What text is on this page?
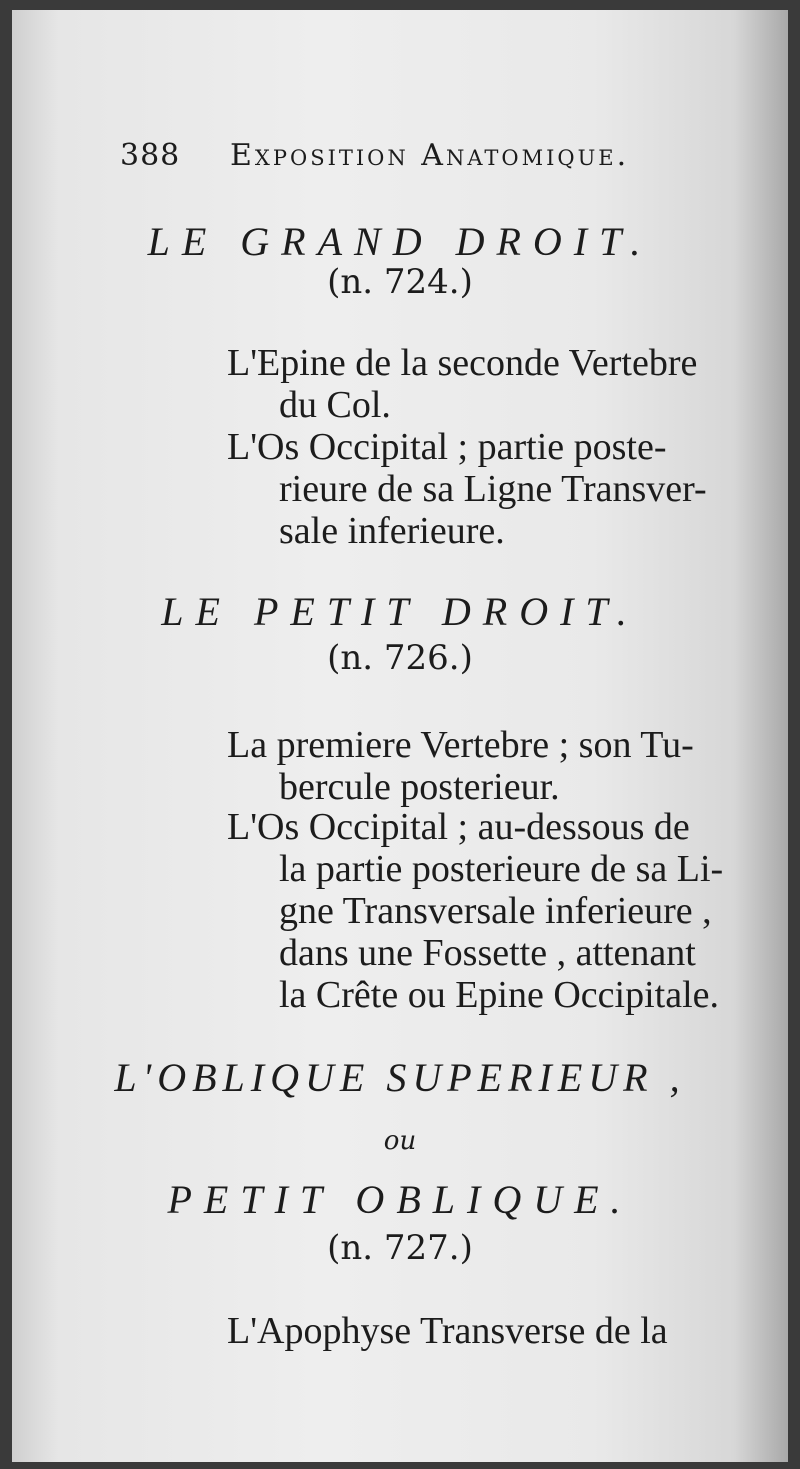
388 Exposition Anatomique.
LE GRAND DROIT.
(n. 724.)
L'Epine de la seconde Vertebre
du Col.
L'Os Occipital ; partie poste-
rieure de sa Ligne Transver-
sale inferieure.
LE PETIT DROIT.
(n. 726.)
La premiere Vertebre ; son Tu-
bercule posterieur.
L'Os Occipital ; au-dessous de
la partie posterieure de sa Li-
gne Transversale inferieure ,
dans une Fossette , attenant
la Crête ou Epine Occipitale.
L'OBLIQUE SUPERIEUR ,
ou
PETIT OBLIQUE.
(n. 727.)
L'Apophyse Transverse de la
